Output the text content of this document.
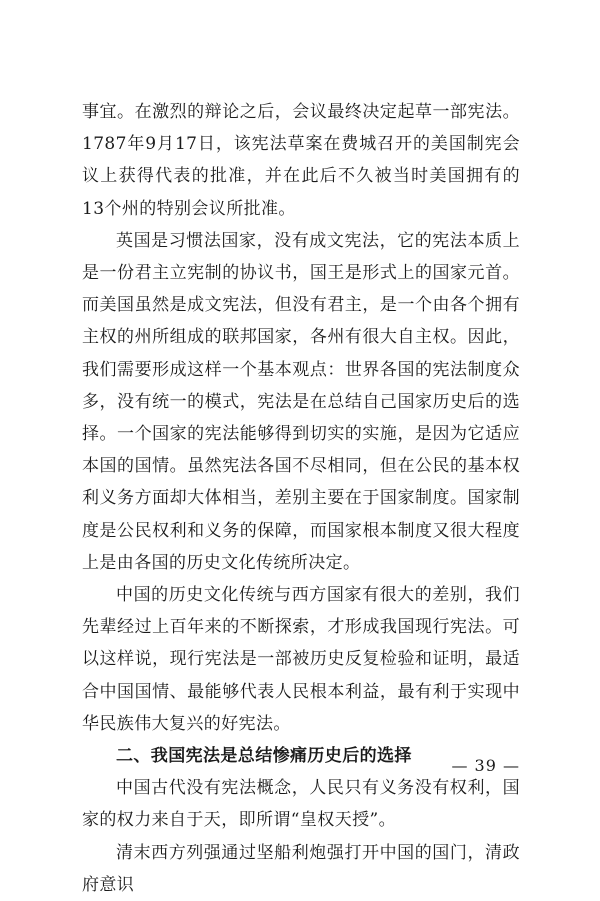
事宜。在激烈的辩论之后，会议最终决定起草一部宪法。1787年9月17日，该宪法草案在费城召开的美国制宪会议上获得代表的批准，并在此后不久被当时美国拥有的13个州的特别会议所批准。

英国是习惯法国家，没有成文宪法，它的宪法本质上是一份君主立宪制的协议书，国王是形式上的国家元首。而美国虽然是成文宪法，但没有君主，是一个由各个拥有主权的州所组成的联邦国家，各州有很大自主权。因此，我们需要形成这样一个基本观点：世界各国的宪法制度众多，没有统一的模式，宪法是在总结自己国家历史后的选择。一个国家的宪法能够得到切实的实施，是因为它适应本国的国情。虽然宪法各国不尽相同，但在公民的基本权利义务方面却大体相当，差别主要在于国家制度。国家制度是公民权利和义务的保障，而国家根本制度又很大程度上是由各国的历史文化传统所决定。

中国的历史文化传统与西方国家有很大的差别，我们先辈经过上百年来的不断探索，才形成我国现行宪法。可以这样说，现行宪法是一部被历史反复检验和证明，最适合中国国情、最能够代表人民根本利益，最有利于实现中华民族伟大复兴的好宪法。

二、我国宪法是总结惨痛历史后的选择

中国古代没有宪法概念，人民只有义务没有权利，国家的权力来自于天，即所谓“皇权天授”。

清末西方列强通过坚船利炮强打开中国的国门，清政府意识

— 39 —
